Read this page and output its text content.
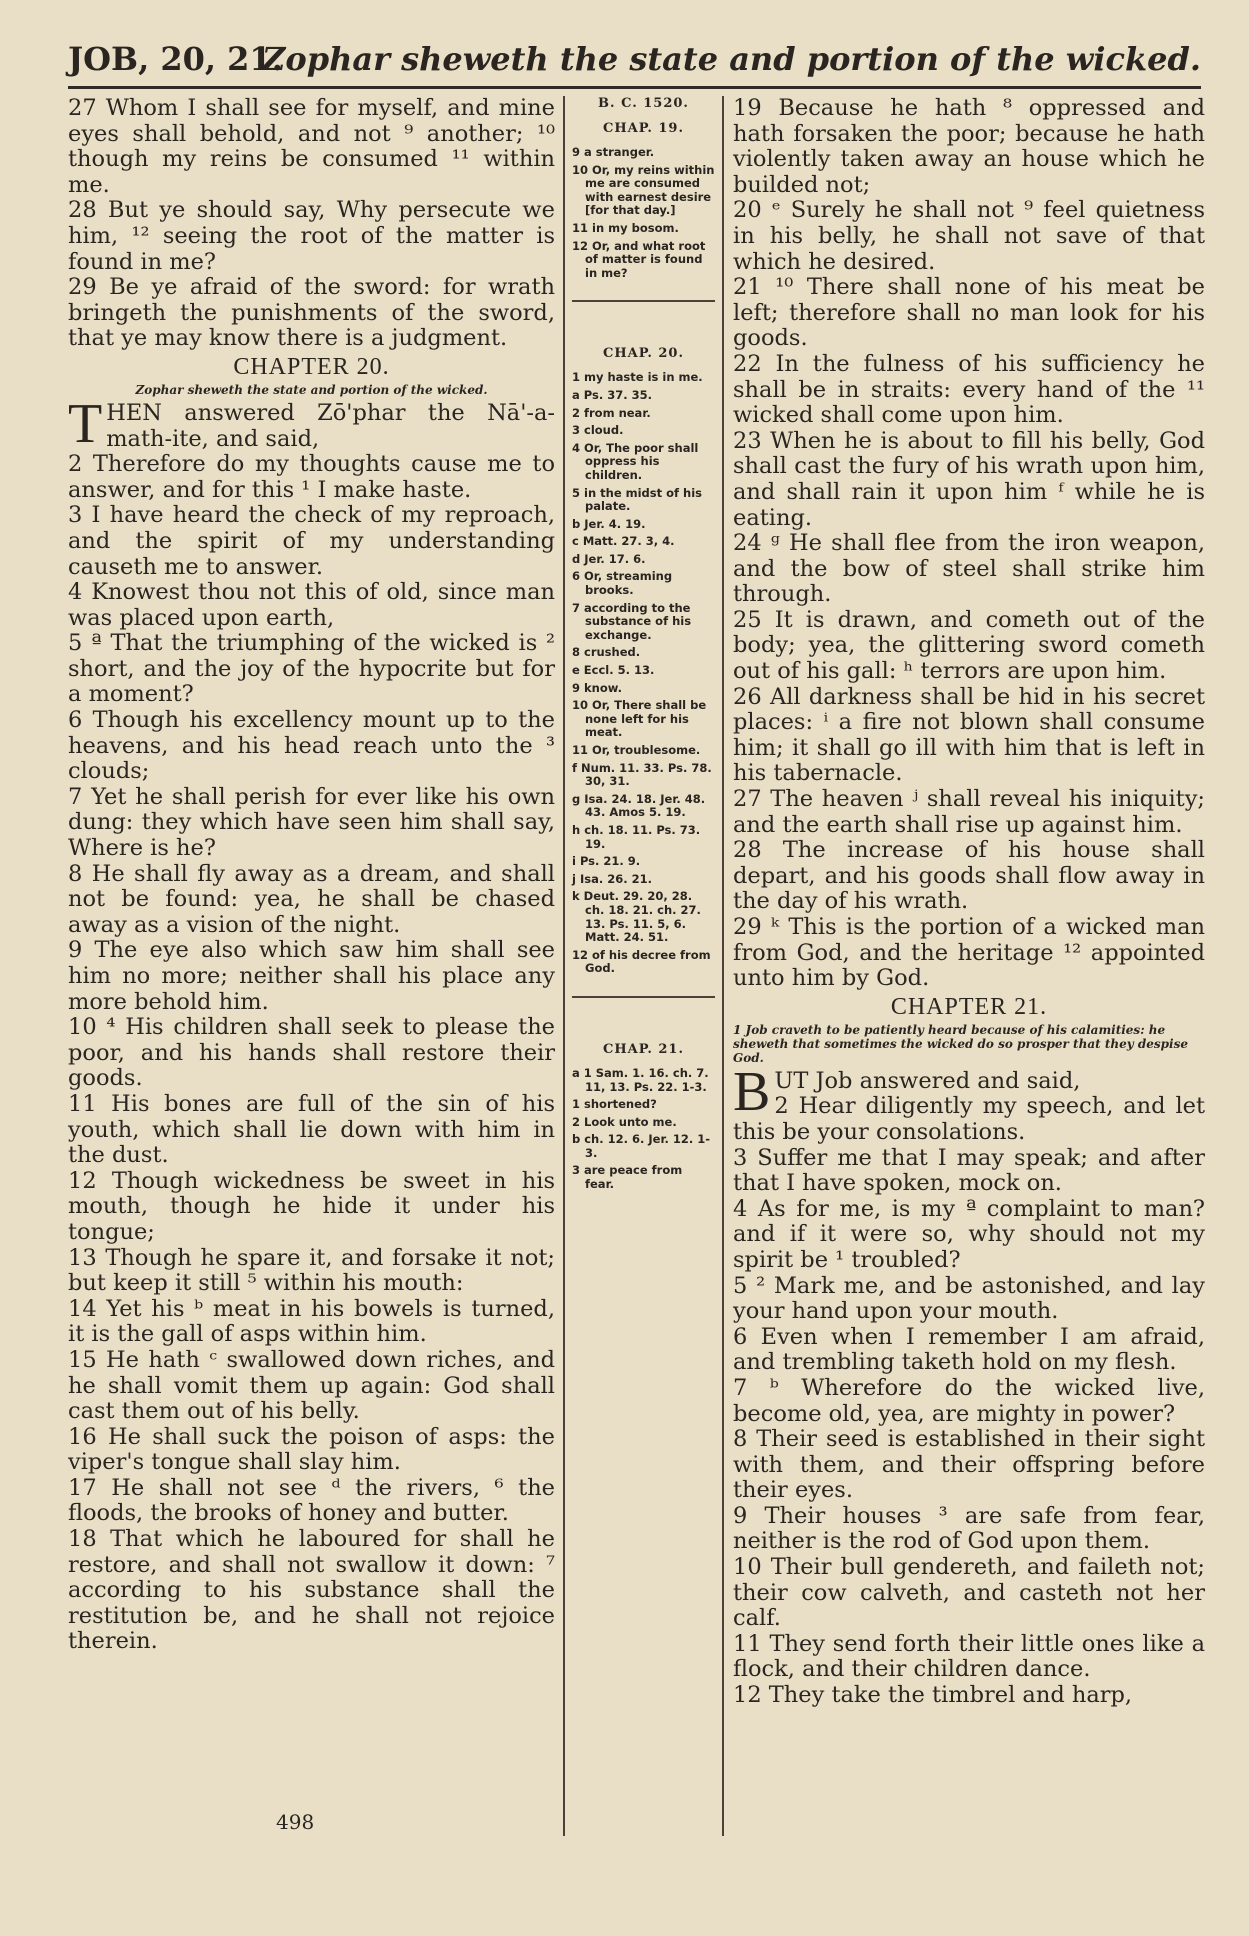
JOB, 20, 21.
Zophar sheweth the state and portion of the wicked.

27 Whom I shall see for myself, and mine eyes shall behold, and not ⁹ another; ¹⁰ though my reins be consumed ¹¹ within me.

28 But ye should say, Why persecute we him, ¹² seeing the root of the matter is found in me?

29 Be ye afraid of the sword: for wrath bringeth the punishments of the sword, that ye may know there is a judgment.

CHAPTER 20.

Zophar sheweth the state and portion of the wicked.

THEN answered Zō'phar the Nā'-a-math-ite, and said,

2 Therefore do my thoughts cause me to answer, and for this ¹ I make haste.

3 I have heard the check of my reproach, and the spirit of my understanding causeth me to answer.

4 Knowest thou not this of old, since man was placed upon earth,

5 ª That the triumphing of the wicked is ² short, and the joy of the hypocrite but for a moment?

6 Though his excellency mount up to the heavens, and his head reach unto the ³ clouds;

7 Yet he shall perish for ever like his own dung: they which have seen him shall say, Where is he?

8 He shall fly away as a dream, and shall not be found: yea, he shall be chased away as a vision of the night.

9 The eye also which saw him shall see him no more; neither shall his place any more behold him.

10 ⁴ His children shall seek to please the poor, and his hands shall restore their goods.

11 His bones are full of the sin of his youth, which shall lie down with him in the dust.

12 Though wickedness be sweet in his mouth, though he hide it under his tongue;

13 Though he spare it, and forsake it not; but keep it still ⁵ within his mouth:

14 Yet his ᵇ meat in his bowels is turned, it is the gall of asps within him.

15 He hath ᶜ swallowed down riches, and he shall vomit them up again: God shall cast them out of his belly.

16 He shall suck the poison of asps: the viper's tongue shall slay him.

17 He shall not see ᵈ the rivers, ⁶ the floods, the brooks of honey and butter.

18 That which he laboured for shall he restore, and shall not swallow it down: ⁷ according to his substance shall the restitution be, and he shall not rejoice therein.

B. C. 1520.

CHAP. 19.

9 a stranger.

10 Or, my reins within me are consumed with earnest desire [for that day.]

11 in my bosom.

12 Or, and what root of matter is found in me?

CHAP. 20.

1 my haste is in me.

a Ps. 37. 35.

2 from near.

3 cloud.

4 Or, The poor shall oppress his children.

5 in the midst of his palate.

b Jer. 4. 19.

c Matt. 27. 3, 4.

d Jer. 17. 6.

6 Or, streaming brooks.

7 according to the substance of his exchange.

8 crushed.

e Eccl. 5. 13.

9 know.

10 Or, There shall be none left for his meat.

11 Or, troublesome.

f Num. 11. 33. Ps. 78. 30, 31.

g Isa. 24. 18. Jer. 48. 43. Amos 5. 19.

h ch. 18. 11. Ps. 73. 19.

i Ps. 21. 9.

j Isa. 26. 21.

k Deut. 29. 20, 28. ch. 18. 21. ch. 27. 13. Ps. 11. 5, 6. Matt. 24. 51.

12 of his decree from God.

CHAP. 21.

a 1 Sam. 1. 16. ch. 7. 11, 13. Ps. 22. 1-3.

1 shortened?

2 Look unto me.

b ch. 12. 6. Jer. 12. 1-3.

3 are peace from fear.

19 Because he hath ⁸ oppressed and hath forsaken the poor; because he hath violently taken away an house which he builded not;

20 ᵉ Surely he shall not ⁹ feel quietness in his belly, he shall not save of that which he desired.

21 ¹⁰ There shall none of his meat be left; therefore shall no man look for his goods.

22 In the fulness of his sufficiency he shall be in straits: every hand of the ¹¹ wicked shall come upon him.

23 When he is about to fill his belly, God shall cast the fury of his wrath upon him, and shall rain it upon him ᶠ while he is eating.

24 ᵍ He shall flee from the iron weapon, and the bow of steel shall strike him through.

25 It is drawn, and cometh out of the body; yea, the glittering sword cometh out of his gall: ʰ terrors are upon him.

26 All darkness shall be hid in his secret places: ⁱ a fire not blown shall consume him; it shall go ill with him that is left in his tabernacle.

27 The heaven ʲ shall reveal his iniquity; and the earth shall rise up against him.

28 The increase of his house shall depart, and his goods shall flow away in the day of his wrath.

29 ᵏ This is the portion of a wicked man from God, and the heritage ¹² appointed unto him by God.

CHAPTER 21.

1 Job craveth to be patiently heard because of his calamities: he sheweth that sometimes the wicked do so prosper that they despise God.

BUT Job answered and said,

2 Hear diligently my speech, and let this be your consolations.

3 Suffer me that I may speak; and after that I have spoken, mock on.

4 As for me, is my ª complaint to man? and if it were so, why should not my spirit be ¹ troubled?

5 ² Mark me, and be astonished, and lay your hand upon your mouth.

6 Even when I remember I am afraid, and trembling taketh hold on my flesh.

7 ᵇ Wherefore do the wicked live, become old, yea, are mighty in power?

8 Their seed is established in their sight with them, and their offspring before their eyes.

9 Their houses ³ are safe from fear, neither is the rod of God upon them.

10 Their bull gendereth, and faileth not; their cow calveth, and casteth not her calf.

11 They send forth their little ones like a flock, and their children dance.

12 They take the timbrel and harp,

498
